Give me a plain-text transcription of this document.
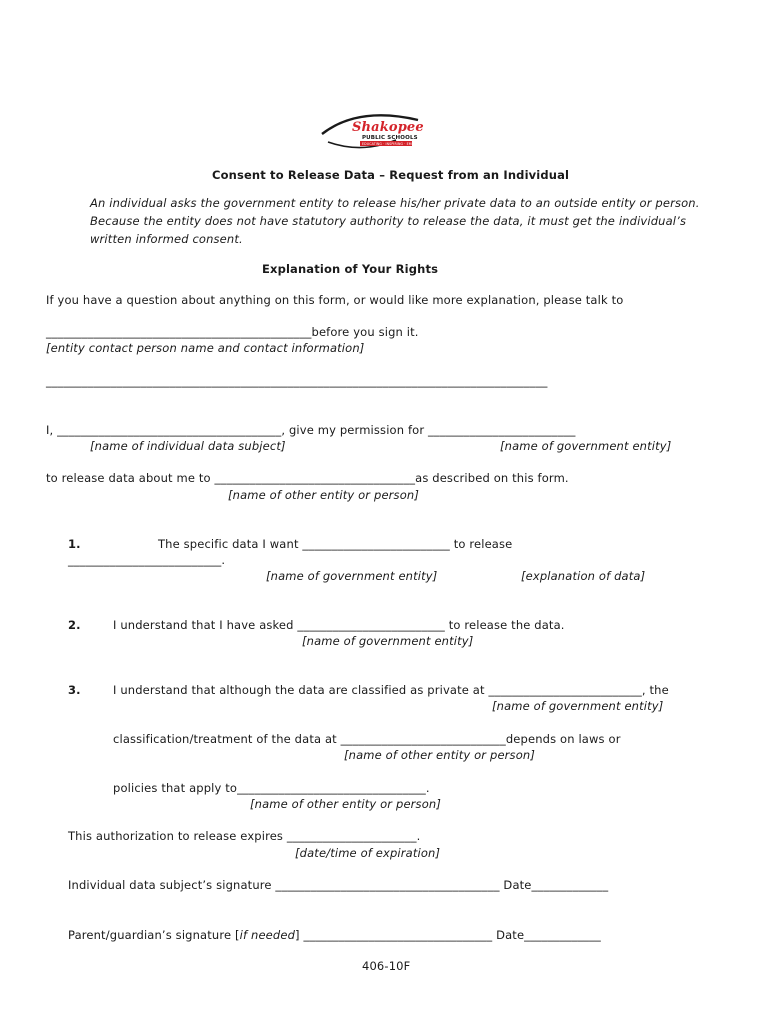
Shakopee
PUBLIC SCHOOLS
EDUCATING · INSPIRING · EMPOWERING
Consent to Release Data – Request from an Individual
An individual asks the government entity to release his/her private data to an outside entity or person.
Because the entity does not have statutory authority to release the data, it must get the individual’s
written informed consent.
Explanation of Your Rights
If you have a question about anything on this form, or would like more explanation, please talk to
_____________________________________________before you sign it.
[entity contact person name and contact information]
_____________________________________________________________________________________
I, ______________________________________, give my permission for _________________________
[name of individual data subject]	[name of government entity]
to release data about me to __________________________________as described on this form.
[name of other entity or person]
1.	The specific data I want _________________________ to release
__________________________.
[name of government entity]	[explanation of data]
2.	I understand that I have asked _________________________ to release the data.
[name of government entity]
3.	I understand that although the data are classified as private at __________________________, the
[name of government entity]
classification/treatment of the data at ____________________________depends on laws or
[name of other entity or person]
policies that apply to________________________________.
[name of other entity or person]
This authorization to release expires ______________________.
[date/time of expiration]
Individual data subject’s signature ______________________________________ Date_____________
Parent/guardian’s signature [if needed] ________________________________ Date_____________
406-10F
